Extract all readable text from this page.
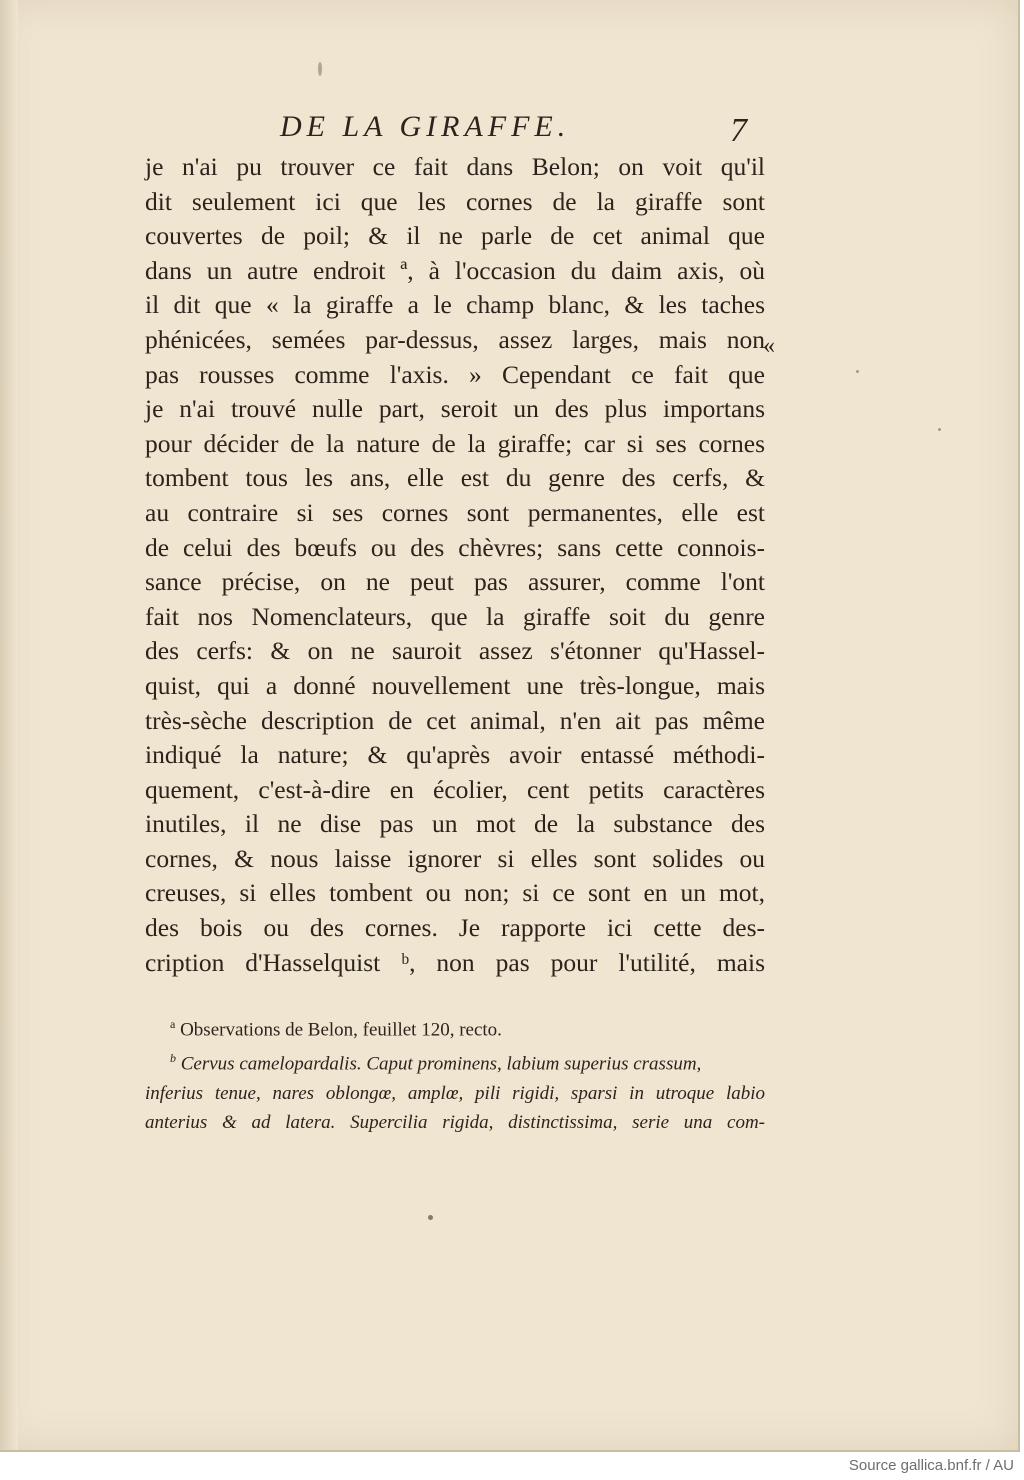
DE LA GIRAFFE.	7
je n'ai pu trouver ce fait dans Belon; on voit qu'il
dit seulement ici que les cornes de la giraffe sont
couvertes de poil; & il ne parle de cet animal que
dans un autre endroit ª, à l'occasion du daim axis, où
il dit que « la giraffe a le champ blanc, & les taches
phénicées, semées par-dessus, assez larges, mais non
pas rousses comme l'axis. » Cependant ce fait que
je n'ai trouvé nulle part, seroit un des plus importans
pour décider de la nature de la giraffe; car si ses cornes
tombent tous les ans, elle est du genre des cerfs, &
au contraire si ses cornes sont permanentes, elle est
de celui des bœufs ou des chèvres; sans cette connois-
sance précise, on ne peut pas assurer, comme l'ont
fait nos Nomenclateurs, que la giraffe soit du genre
des cerfs: & on ne sauroit assez s'étonner qu'Hassel-
quist, qui a donné nouvellement une très-longue, mais
très-sèche description de cet animal, n'en ait pas même
indiqué la nature; & qu'après avoir entassé méthodi-
quement, c'est-à-dire en écolier, cent petits caractères
inutiles, il ne dise pas un mot de la substance des
cornes, & nous laisse ignorer si elles sont solides ou
creuses, si elles tombent ou non; si ce sont en un mot,
des bois ou des cornes. Je rapporte ici cette des-
cription d'Hasselquist ᵇ, non pas pour l'utilité, mais
«
$^a$ Observations de Belon, feuillet 120, recto.
$^b$ Cervus camelopardalis. Caput prominens, labium superius crassum,
inferius tenue, nares oblongœ, amplœ, pili rigidi, sparsi in utroque labio
anterius & ad latera. Supercilia rigida, distinctissima, serie una com-
Source gallica.bnf.fr / AU
